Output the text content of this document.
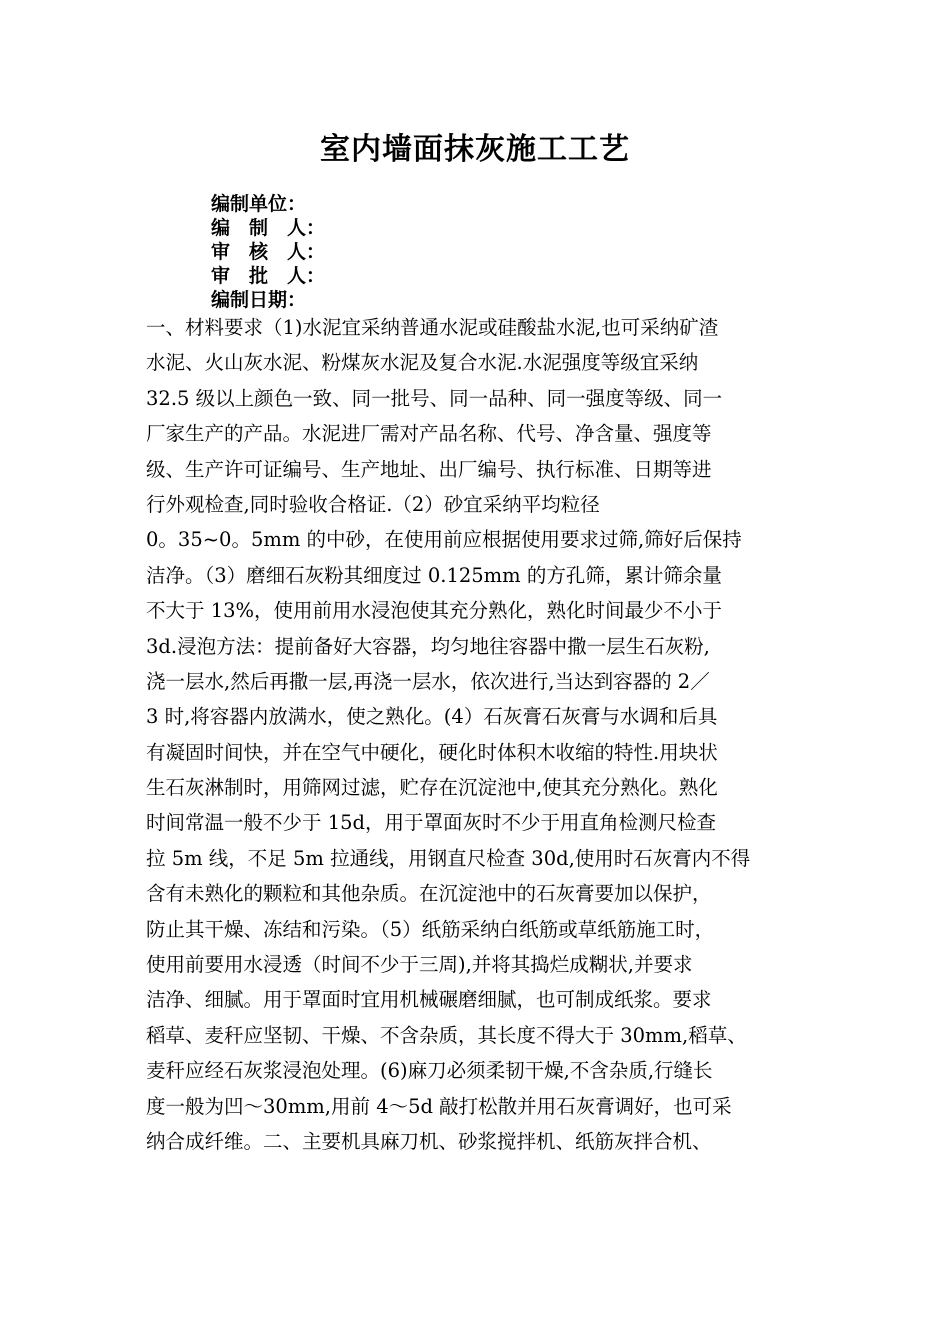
室内墙面抹灰施工工艺
编制单位：
编　制　人：
审　核　人：
审　批　人：
编制日期：
一、材料要求（1)水泥宜采纳普通水泥或硅酸盐水泥,也可采纳矿渣
水泥、火山灰水泥、粉煤灰水泥及复合水泥.水泥强度等级宜采纳
32.5 级以上颜色一致、同一批号、同一品种、同一强度等级、同一
厂家生产的产品。水泥进厂需对产品名称、代号、净含量、强度等
级、生产许可证编号、生产地址、出厂编号、执行标准、日期等进
行外观检查,同时验收合格证.（2）砂宜采纳平均粒径
0。35~0。5mm 的中砂，在使用前应根据使用要求过筛,筛好后保持
洁净。（3）磨细石灰粉其细度过 0.125mm 的方孔筛，累计筛余量
不大于 13%，使用前用水浸泡使其充分熟化，熟化时间最少不小于
3d.浸泡方法：提前备好大容器，均匀地往容器中撒一层生石灰粉,
浇一层水,然后再撒一层,再浇一层水，依次进行,当达到容器的 2／
3 时,将容器内放满水，使之熟化。(4）石灰膏石灰膏与水调和后具
有凝固时间快，并在空气中硬化，硬化时体积木收缩的特性.用块状
生石灰淋制时，用筛网过滤，贮存在沉淀池中,使其充分熟化。熟化
时间常温一般不少于 15d，用于罩面灰时不少于用直角检测尺检查
拉 5m 线，不足 5m 拉通线，用钢直尺检查 30d,使用时石灰膏内不得
含有未熟化的颗粒和其他杂质。在沉淀池中的石灰膏要加以保护，
防止其干燥、冻结和污染。（5）纸筋采纳白纸筋或草纸筋施工时，
使用前要用水浸透（时间不少于三周),并将其捣烂成糊状,并要求
洁净、细腻。用于罩面时宜用机械碾磨细腻，也可制成纸浆。要求
稻草、麦秆应坚韧、干燥、不含杂质，其长度不得大于 30mm,稻草、
麦秆应经石灰浆浸泡处理。(6)麻刀必须柔韧干燥,不含杂质,行缝长
度一般为凹～30mm,用前 4～5d 敲打松散并用石灰膏调好，也可采
纳合成纤维。二、主要机具麻刀机、砂浆搅拌机、纸筋灰拌合机、
